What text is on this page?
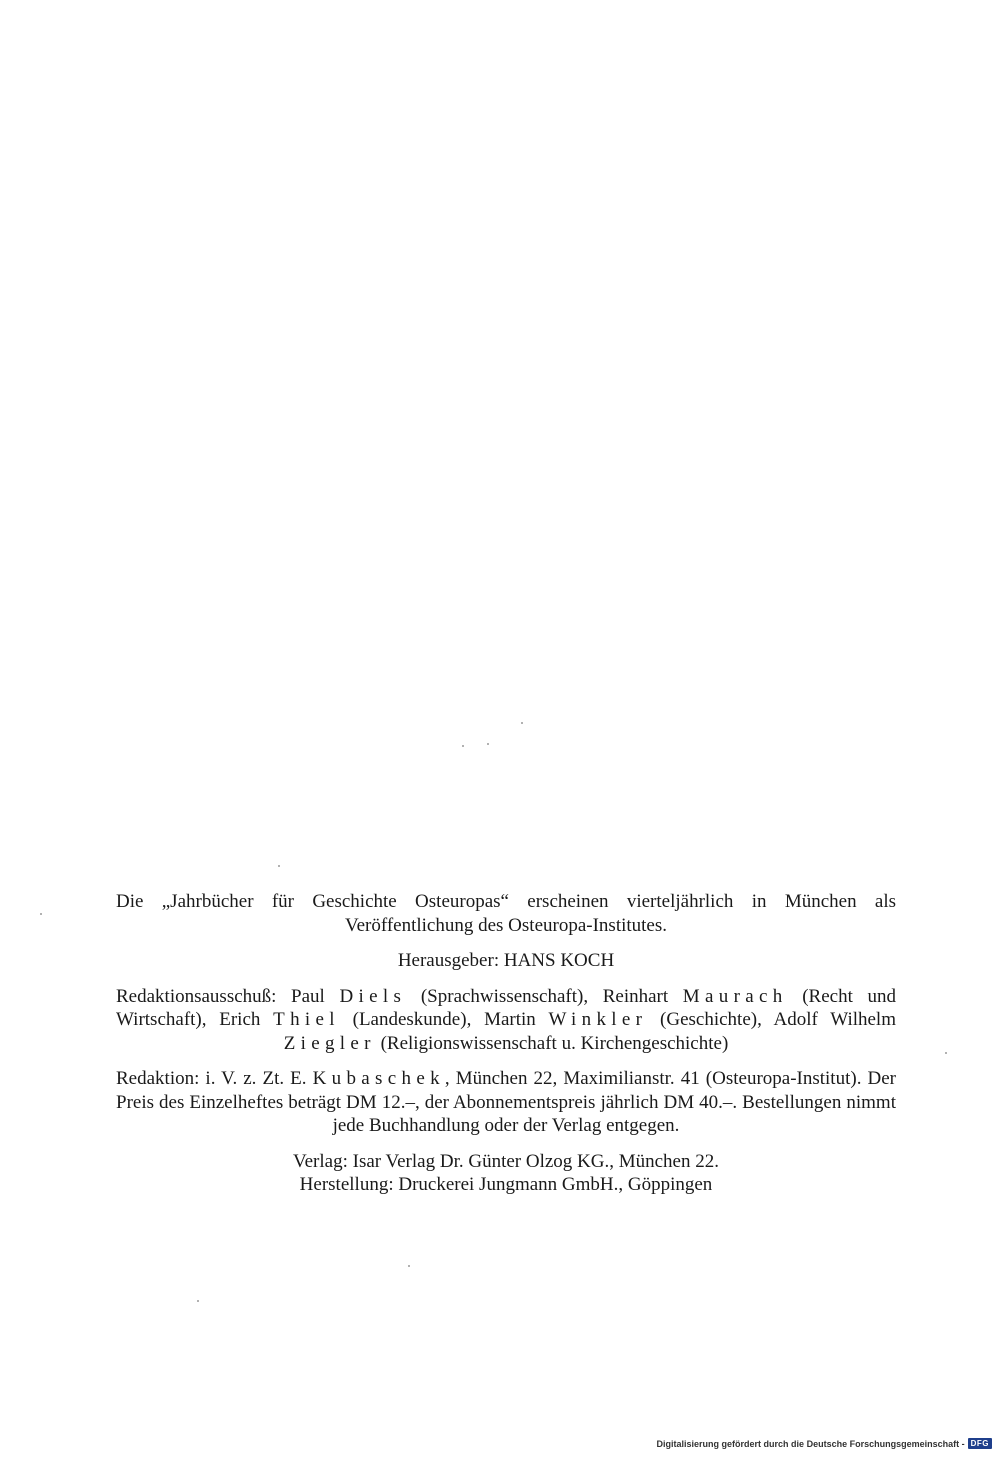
Die „Jahrbücher für Geschichte Osteuropas“ erscheinen vierteljährlich in München als Veröffentlichung des Osteuropa-Institutes.

Herausgeber: HANS KOCH

Redaktionsausschuß: Paul Diels (Sprachwissenschaft), Reinhart Maurach (Recht und Wirtschaft), Erich Thiel (Landeskunde), Martin Winkler (Geschichte), Adolf Wilhelm Ziegler (Religionswissenschaft u. Kirchengeschichte)

Redaktion: i. V. z. Zt. E. Kubaschek, München 22, Maximilianstr. 41 (Osteuropa-Institut). Der Preis des Einzelheftes beträgt DM 12.–, der Abonnementspreis jährlich DM 40.–. Bestellungen nimmt jede Buchhandlung oder der Verlag entgegen.

Verlag: Isar Verlag Dr. Günter Olzog KG., München 22.

Herstellung: Druckerei Jungmann GmbH., Göppingen

Digitalisierung gefördert durch die Deutsche Forschungsgemeinschaft - DFG
